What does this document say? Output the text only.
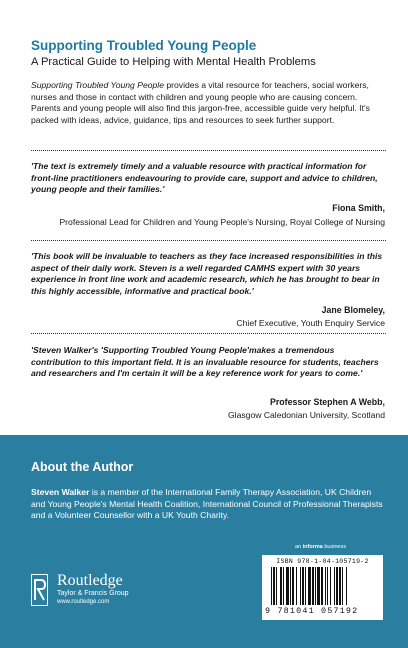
Supporting Troubled Young People
A Practical Guide to Helping with Mental Health Problems

Supporting Troubled Young People provides a vital resource for teachers, social workers, nurses and those in contact with children and young people who are causing concern. Parents and young people will also find this jargon-free, accessible guide very helpful. It's packed with ideas, advice, guidance, tips and resources to seek further support.

'The text is extremely timely and a valuable resource with practical information for front-line practitioners endeavouring to provide care, support and advice to children, young people and their families.'

Fiona Smith,
Professional Lead for Children and Young People's Nursing, Royal College of Nursing

'This book will be invaluable to teachers as they face increased responsibilities in this aspect of their daily work. Steven is a well regarded CAMHS expert with 30 years experience in front line work and academic research, which he has brought to bear in this highly accessible, informative and practical book.'

Jane Blomeley,
Chief Executive, Youth Enquiry Service

'Steven Walker's 'Supporting Troubled Young People'makes a tremendous contribution to this important field. It is an invaluable resource for students, teachers and researchers and I'm certain it will be a key reference work for years to come.'

Professor Stephen A Webb,
Glasgow Caledonian University, Scotland
About the Author

Steven Walker is a member of the International Family Therapy Association, UK Children and Young People's Mental Health Coalition, International Council of Professional Therapists and a Volunteer Counsellor with a UK Youth Charity.

Routledge
Taylor & Francis Group
www.routledge.com
an informa business
ISBN 978-1-04-105719-2
9 781041 057192
